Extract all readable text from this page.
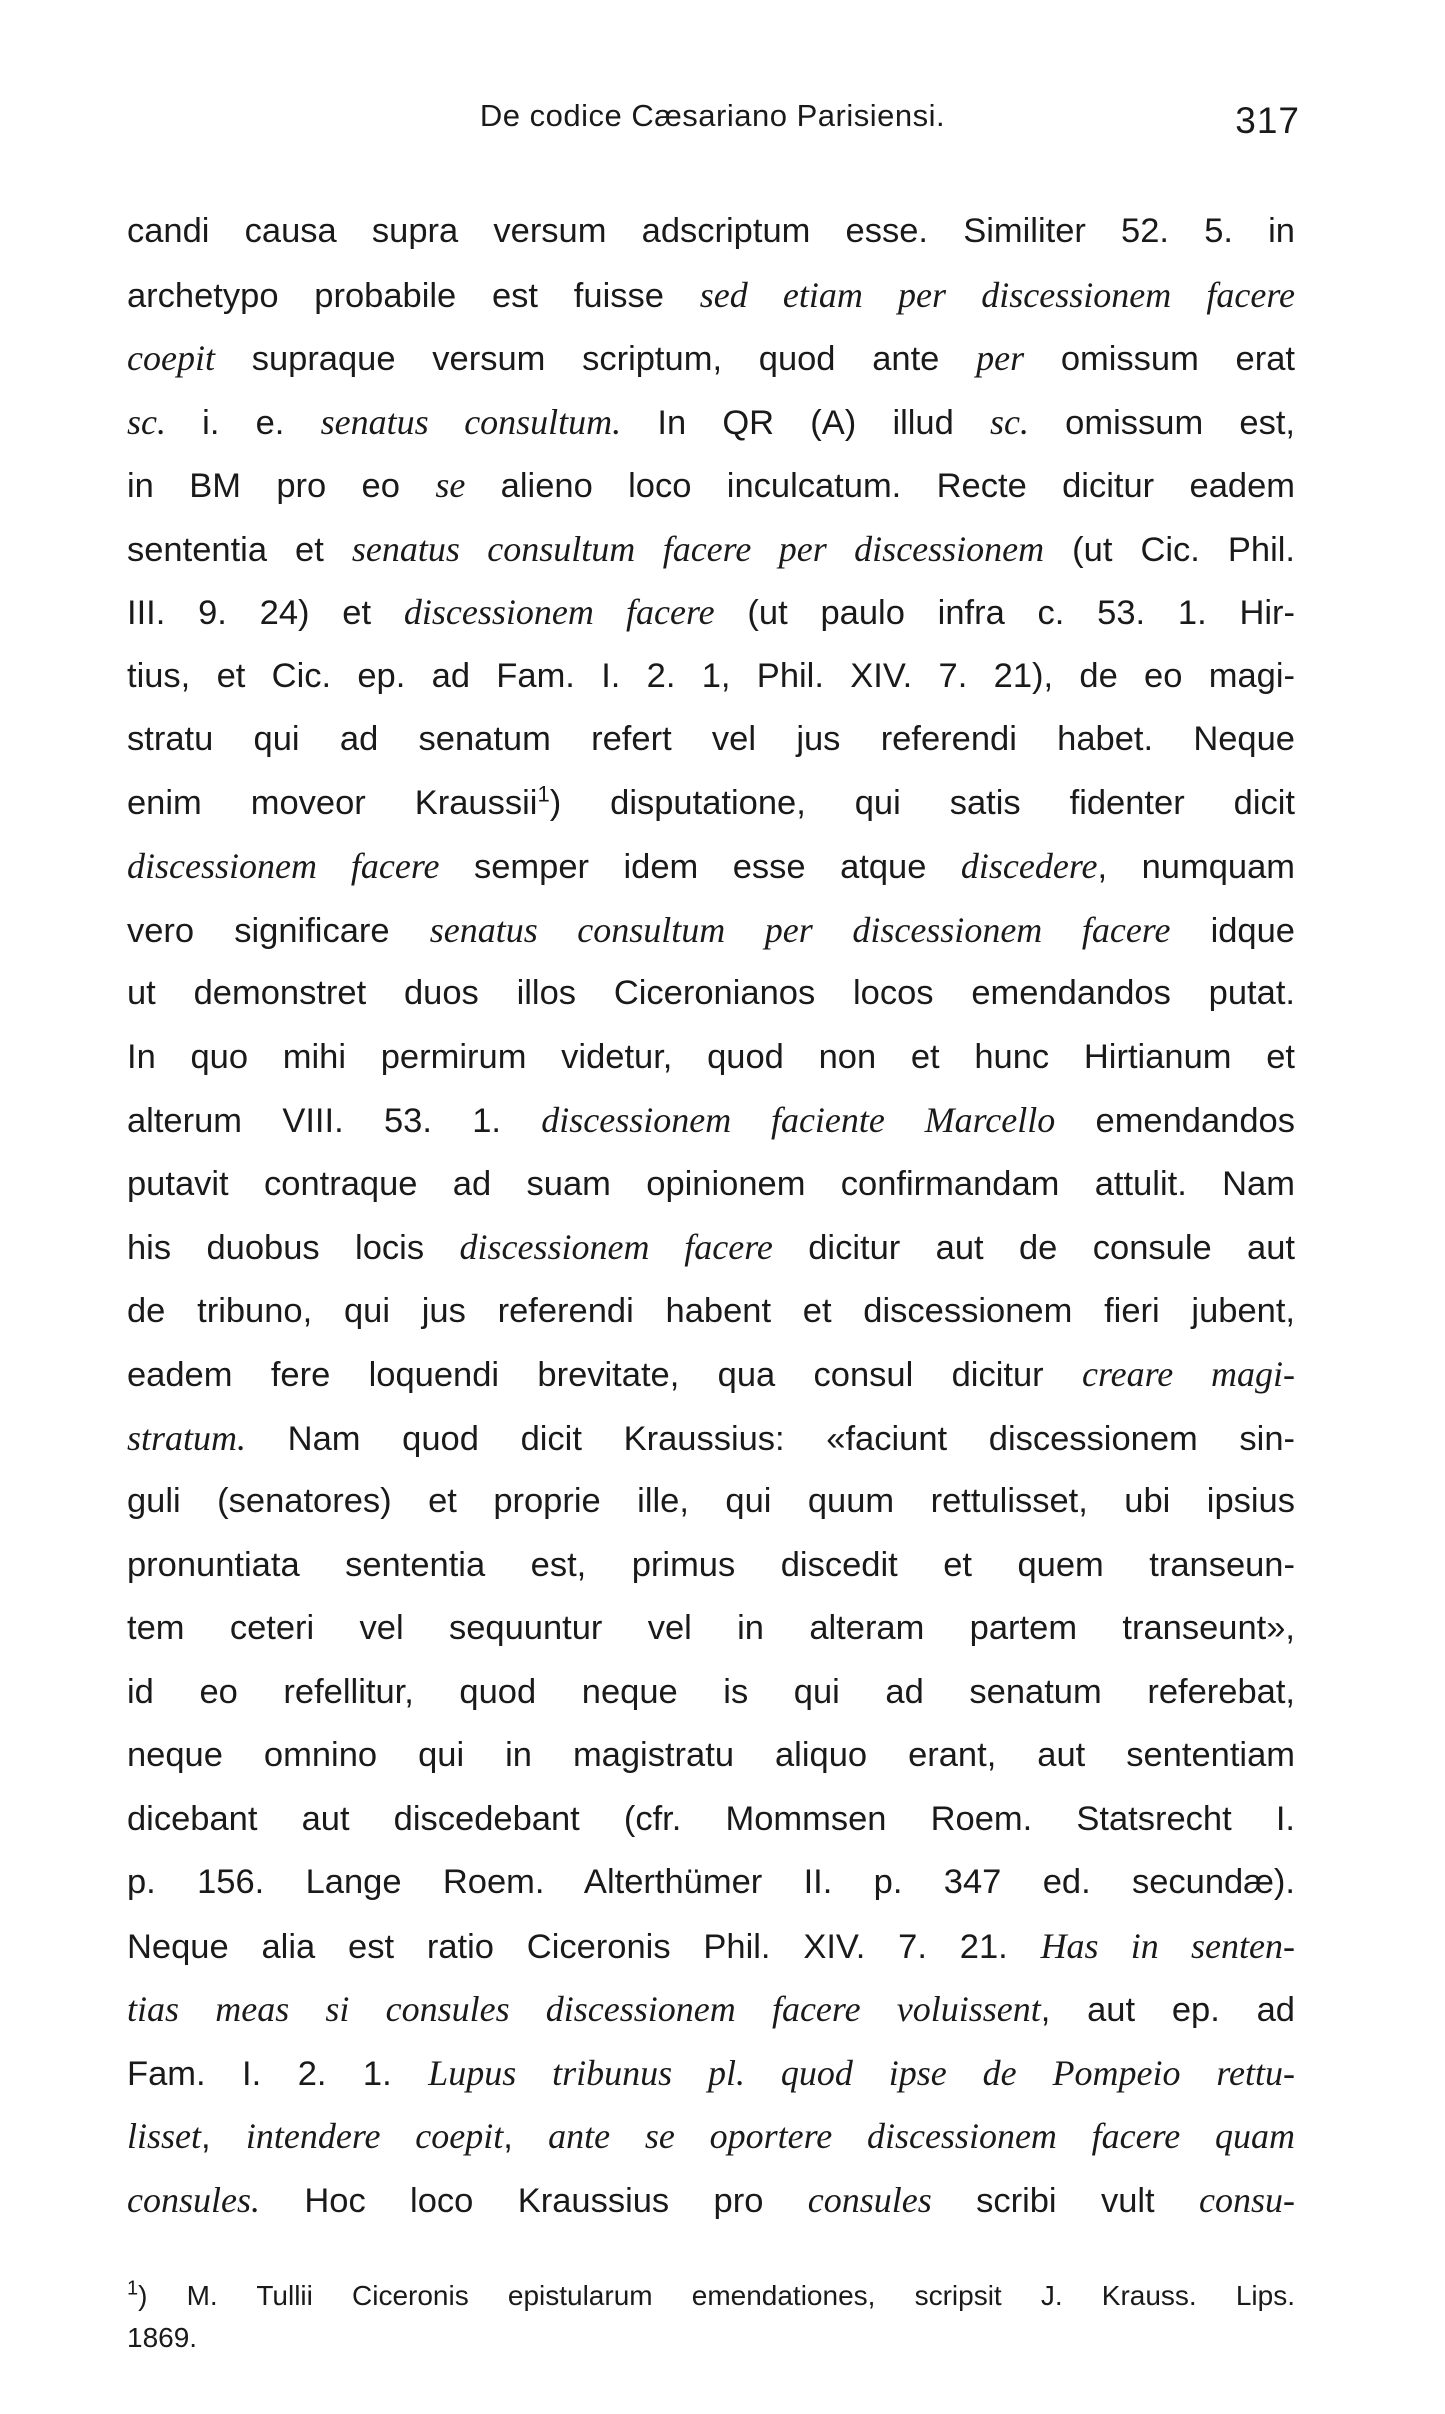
De codice Cæsariano Parisiensi.	317
candi causa supra versum adscriptum esse. Similiter 52. 5. in
archetypo probabile est fuisse sed etiam per discessionem facere
coepit supraque versum scriptum, quod ante per omissum erat
sc. i. e. senatus consultum. In QR (A) illud sc. omissum est,
in BM pro eo se alieno loco inculcatum. Recte dicitur eadem
sententia et senatus consultum facere per discessionem (ut Cic. Phil.
III. 9. 24) et discessionem facere (ut paulo infra c. 53. 1. Hir-
tius, et Cic. ep. ad Fam. I. 2. 1, Phil. XIV. 7. 21), de eo magi-
stratu qui ad senatum refert vel jus referendi habet. Neque
enim moveor Kraussii$^1$) disputatione, qui satis fidenter dicit
discessionem facere semper idem esse atque discedere, numquam
vero significare senatus consultum per discessionem facere idque
ut demonstret duos illos Ciceronianos locos emendandos putat.
In quo mihi permirum videtur, quod non et hunc Hirtianum et
alterum VIII. 53. 1. discessionem faciente Marcello emendandos
putavit contraque ad suam opinionem confirmandam attulit. Nam
his duobus locis discessionem facere dicitur aut de consule aut
de tribuno, qui jus referendi habent et discessionem fieri jubent,
eadem fere loquendi brevitate, qua consul dicitur creare magi-
stratum. Nam quod dicit Kraussius: «faciunt discessionem sin-
guli (senatores) et proprie ille, qui quum rettulisset, ubi ipsius
pronuntiata sententia est, primus discedit et quem transeun-
tem ceteri vel sequuntur vel in alteram partem transeunt»,
id eo refellitur, quod neque is qui ad senatum referebat,
neque omnino qui in magistratu aliquo erant, aut sententiam
dicebant aut discedebant (cfr. Mommsen Roem. Statsrecht I.
p. 156. Lange Roem. Alterthümer II. p. 347 ed. secundæ).
Neque alia est ratio Ciceronis Phil. XIV. 7. 21. Has in senten-
tias meas si consules discessionem facere voluissent, aut ep. ad
Fam. I. 2. 1. Lupus tribunus pl. quod ipse de Pompeio rettu-
lisset, intendere coepit, ante se oportere discessionem facere quam
consules. Hoc loco Kraussius pro consules scribi vult consu-
$^1$) M. Tullii Ciceronis epistularum emendationes, scripsit J. Krauss. Lips.
1869.
